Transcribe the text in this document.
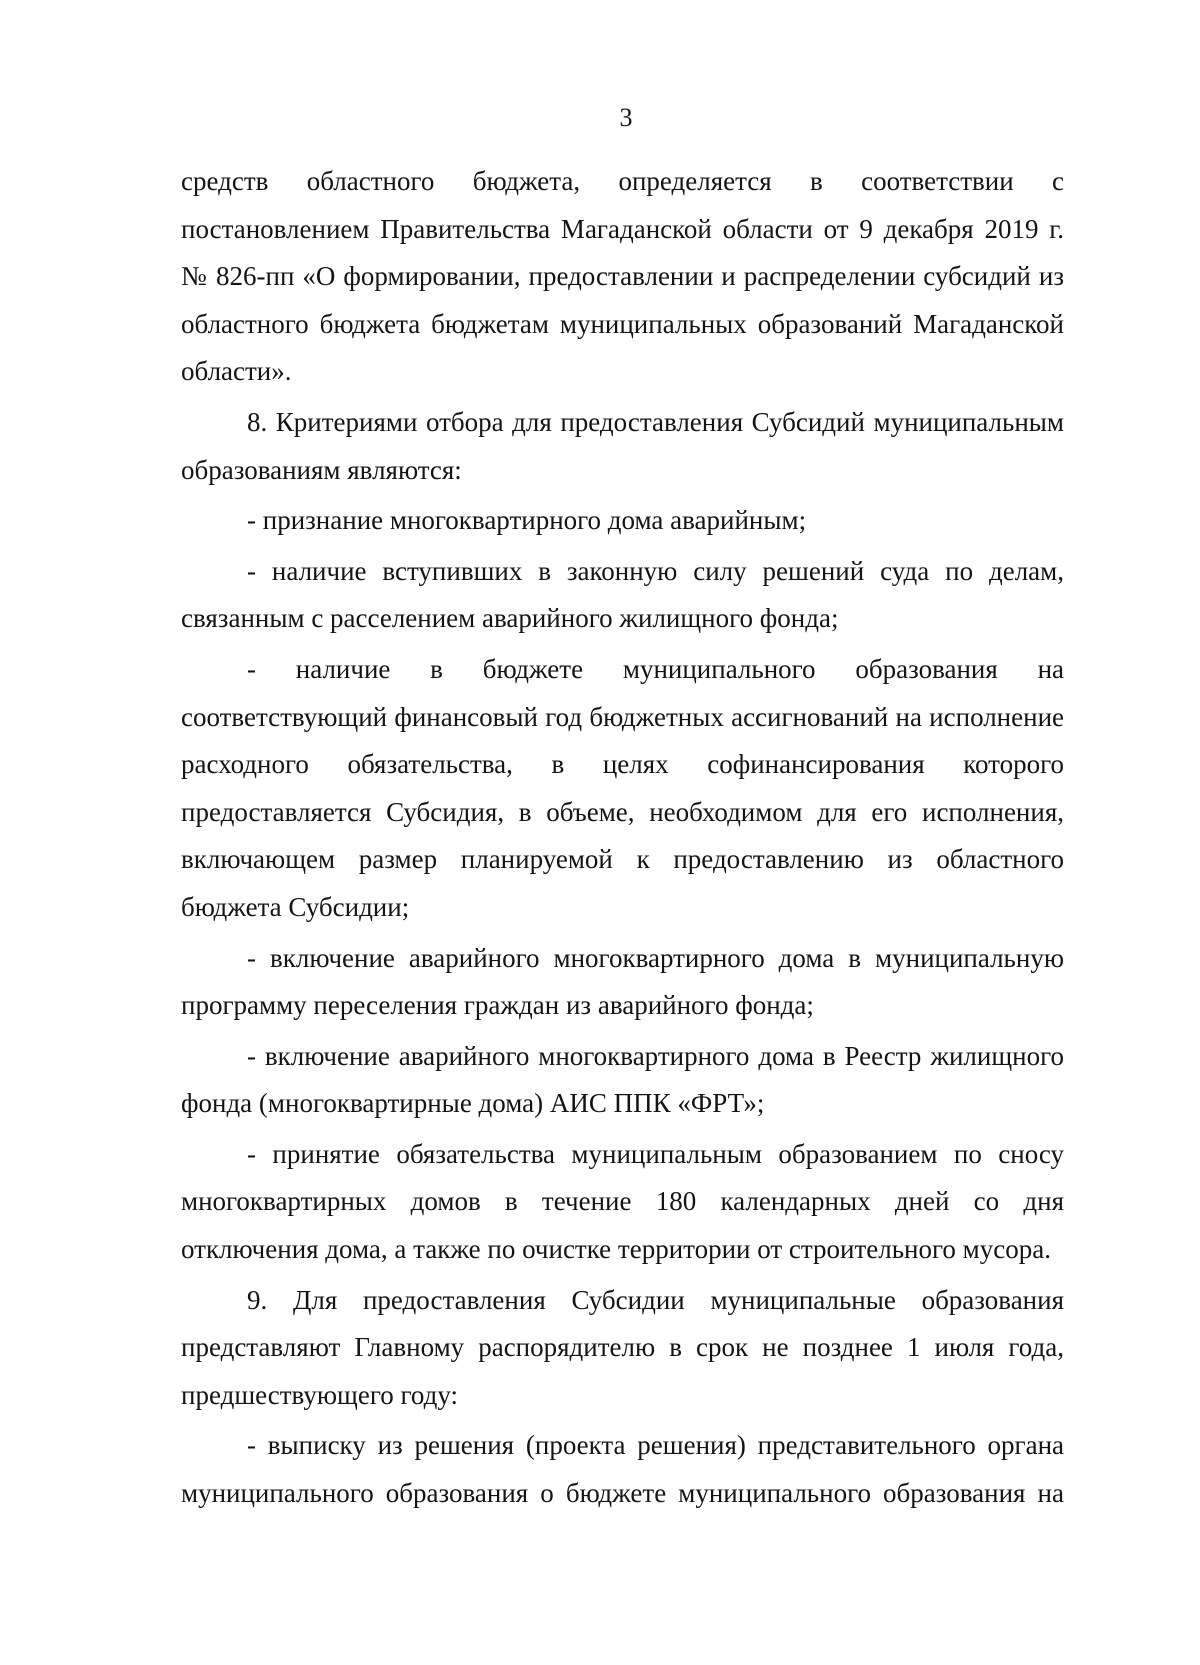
3

средств областного бюджета, определяется в соответствии с постановлением Правительства Магаданской области от 9 декабря 2019 г. № 826-пп «О формировании, предоставлении и распределении субсидий из областного бюджета бюджетам муниципальных образований Магаданской области».

8. Критериями отбора для предоставления Субсидий муниципальным образованиям являются:

- признание многоквартирного дома аварийным;

- наличие вступивших в законную силу решений суда по делам, связанным с расселением аварийного жилищного фонда;

- наличие в бюджете муниципального образования на соответствующий финансовый год бюджетных ассигнований на исполнение расходного обязательства, в целях софинансирования которого предоставляется Субсидия, в объеме, необходимом для его исполнения, включающем размер планируемой к предоставлению из областного бюджета Субсидии;

- включение аварийного многоквартирного дома в муниципальную программу переселения граждан из аварийного фонда;

- включение аварийного многоквартирного дома в Реестр жилищного фонда (многоквартирные дома) АИС ППК «ФРТ»;

- принятие обязательства муниципальным образованием по сносу многоквартирных домов в течение 180 календарных дней со дня отключения дома, а также по очистке территории от строительного мусора.

9. Для предоставления Субсидии муниципальные образования представляют Главному распорядителю в срок не позднее 1 июля года, предшествующего году:

- выписку из решения (проекта решения) представительного органа муниципального образования о бюджете муниципального образования на
